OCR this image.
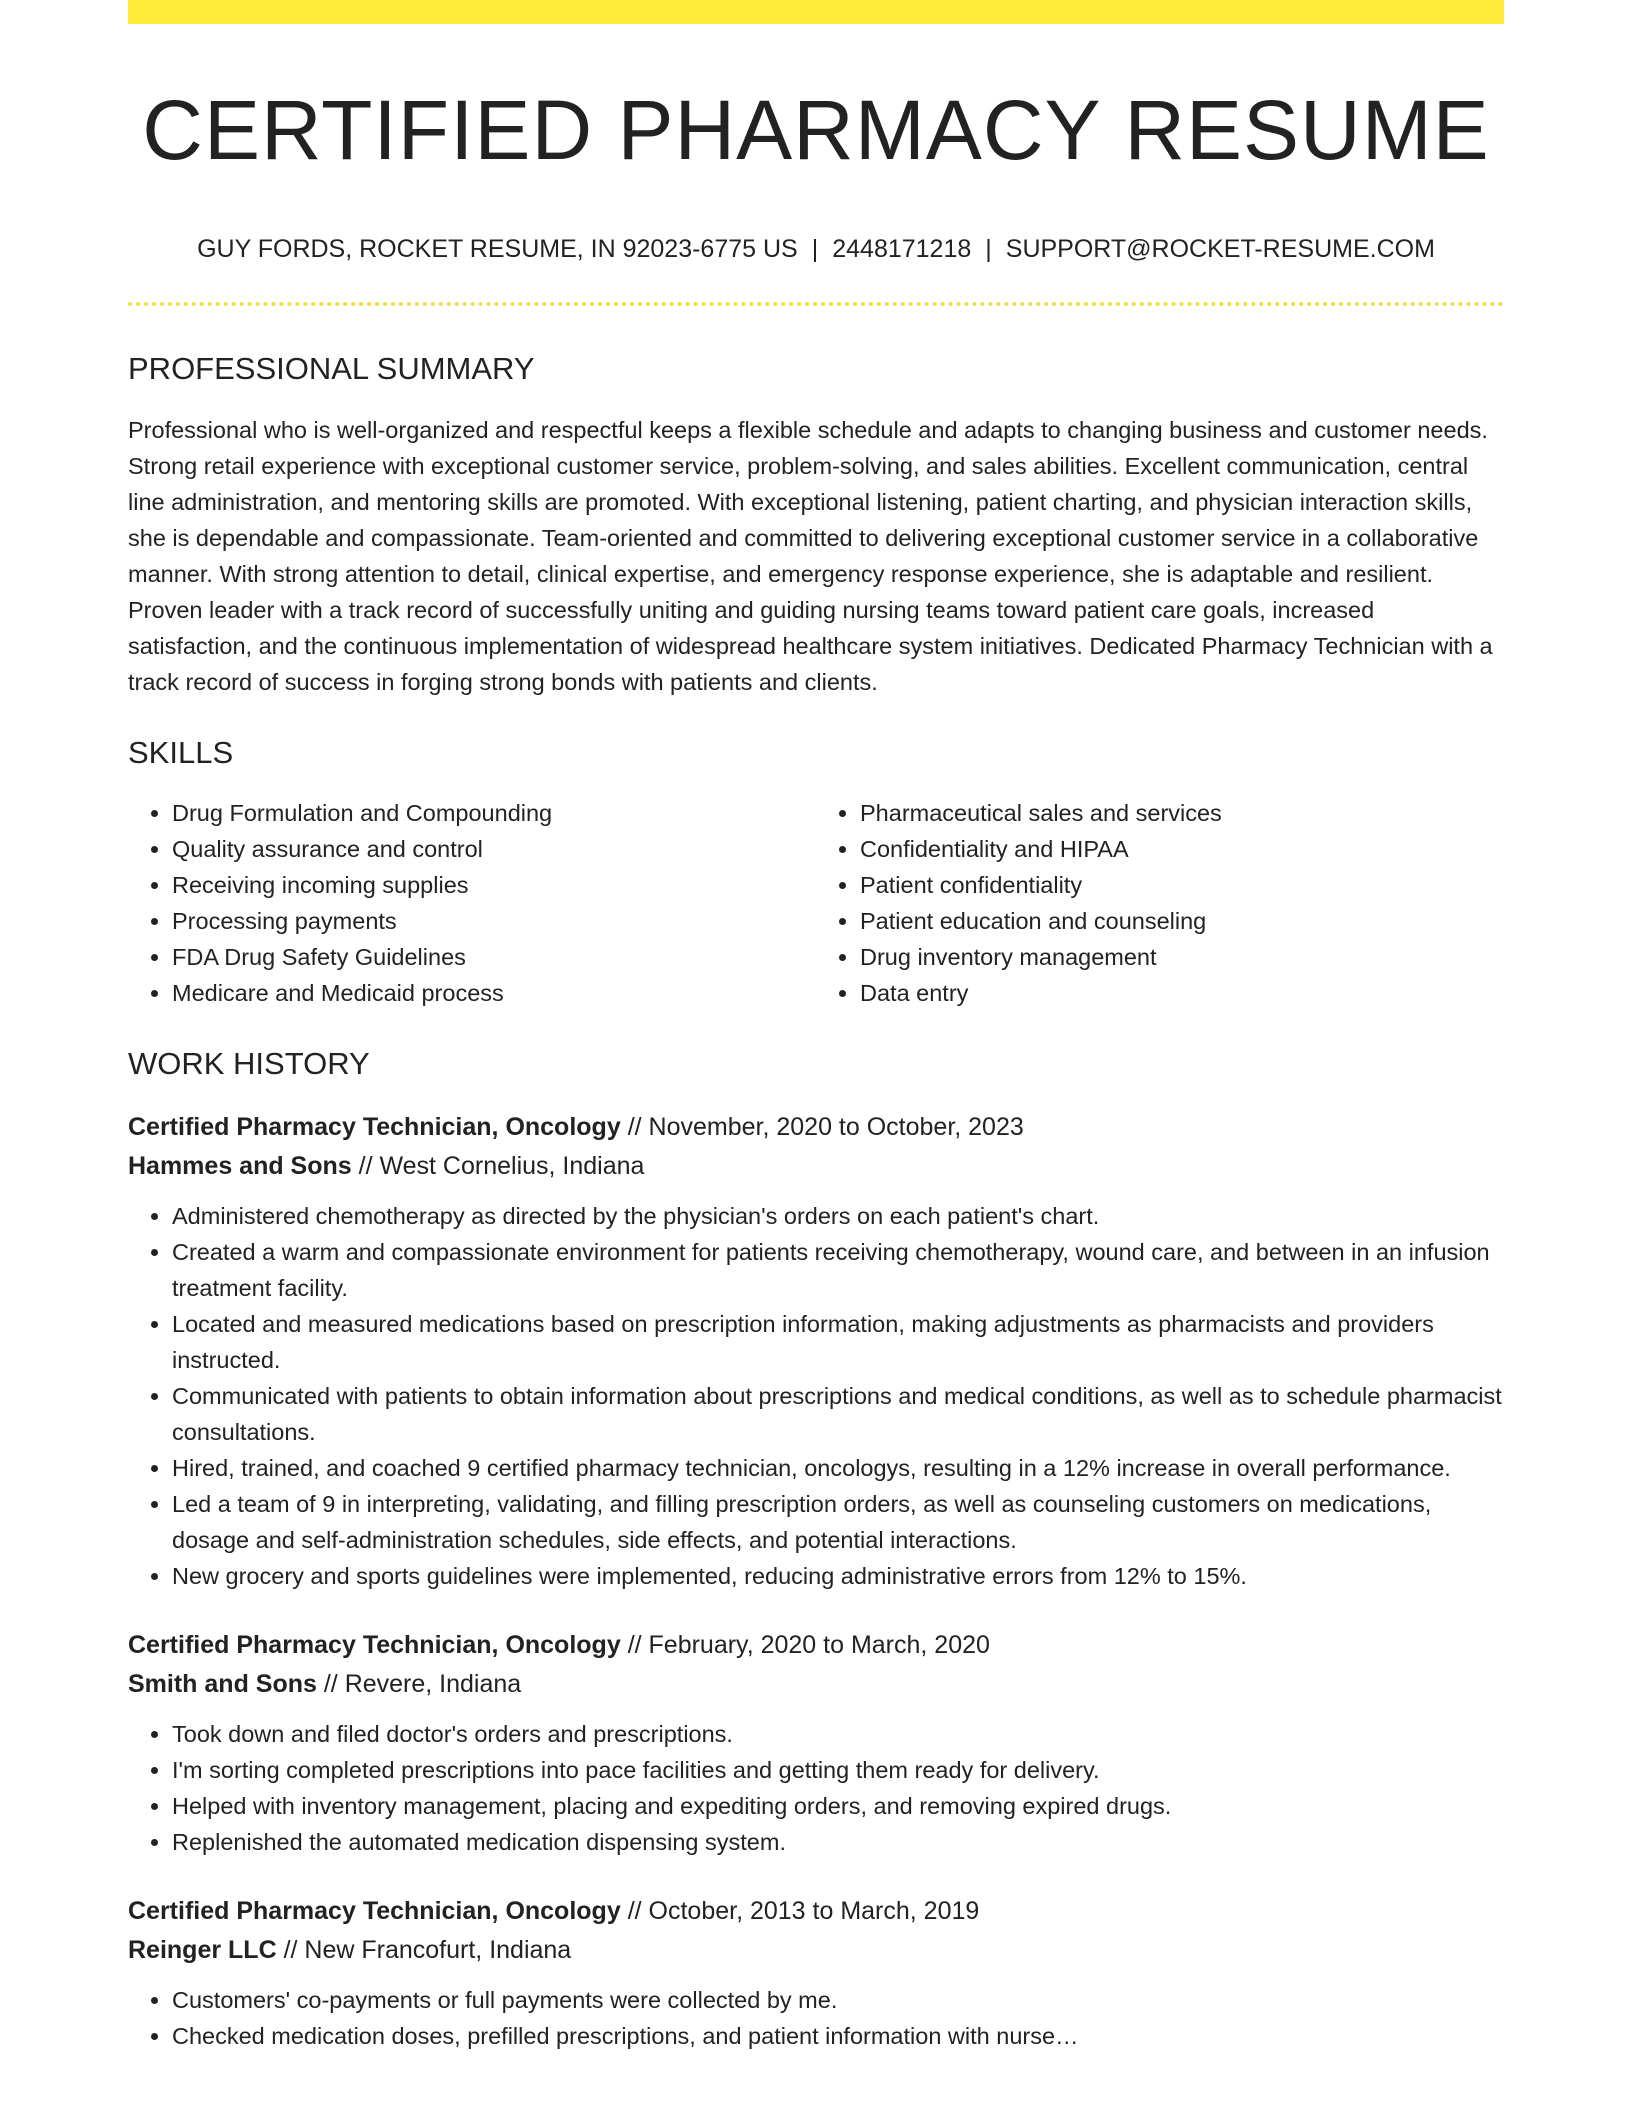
CERTIFIED PHARMACY RESUME
GUY FORDS, ROCKET RESUME, IN 92023-6775 US | 2448171218 | SUPPORT@ROCKET-RESUME.COM
PROFESSIONAL SUMMARY
Professional who is well-organized and respectful keeps a flexible schedule and adapts to changing business and customer needs. Strong retail experience with exceptional customer service, problem-solving, and sales abilities. Excellent communication, central line administration, and mentoring skills are promoted. With exceptional listening, patient charting, and physician interaction skills, she is dependable and compassionate. Team-oriented and committed to delivering exceptional customer service in a collaborative manner. With strong attention to detail, clinical expertise, and emergency response experience, she is adaptable and resilient. Proven leader with a track record of successfully uniting and guiding nursing teams toward patient care goals, increased satisfaction, and the continuous implementation of widespread healthcare system initiatives. Dedicated Pharmacy Technician with a track record of success in forging strong bonds with patients and clients.
SKILLS
• Drug Formulation and Compounding
• Quality assurance and control
• Receiving incoming supplies
• Processing payments
• FDA Drug Safety Guidelines
• Medicare and Medicaid process
• Pharmaceutical sales and services
• Confidentiality and HIPAA
• Patient confidentiality
• Patient education and counseling
• Drug inventory management
• Data entry
WORK HISTORY
Certified Pharmacy Technician, Oncology // November, 2020 to October, 2023
Hammes and Sons // West Cornelius, Indiana
• Administered chemotherapy as directed by the physician's orders on each patient's chart.
• Created a warm and compassionate environment for patients receiving chemotherapy, wound care, and between in an infusion treatment facility.
• Located and measured medications based on prescription information, making adjustments as pharmacists and providers instructed.
• Communicated with patients to obtain information about prescriptions and medical conditions, as well as to schedule pharmacist consultations.
• Hired, trained, and coached 9 certified pharmacy technician, oncologys, resulting in a 12% increase in overall performance.
• Led a team of 9 in interpreting, validating, and filling prescription orders, as well as counseling customers on medications, dosage and self-administration schedules, side effects, and potential interactions.
• New grocery and sports guidelines were implemented, reducing administrative errors from 12% to 15%.
Certified Pharmacy Technician, Oncology // February, 2020 to March, 2020
Smith and Sons // Revere, Indiana
• Took down and filed doctor's orders and prescriptions.
• I'm sorting completed prescriptions into pace facilities and getting them ready for delivery.
• Helped with inventory management, placing and expediting orders, and removing expired drugs.
• Replenished the automated medication dispensing system.
Certified Pharmacy Technician, Oncology // October, 2013 to March, 2019
Reinger LLC // New Francofurt, Indiana
• Customers' co-payments or full payments were collected by me.
• Checked medication doses, prefilled prescriptions, and patient information with nurse…
